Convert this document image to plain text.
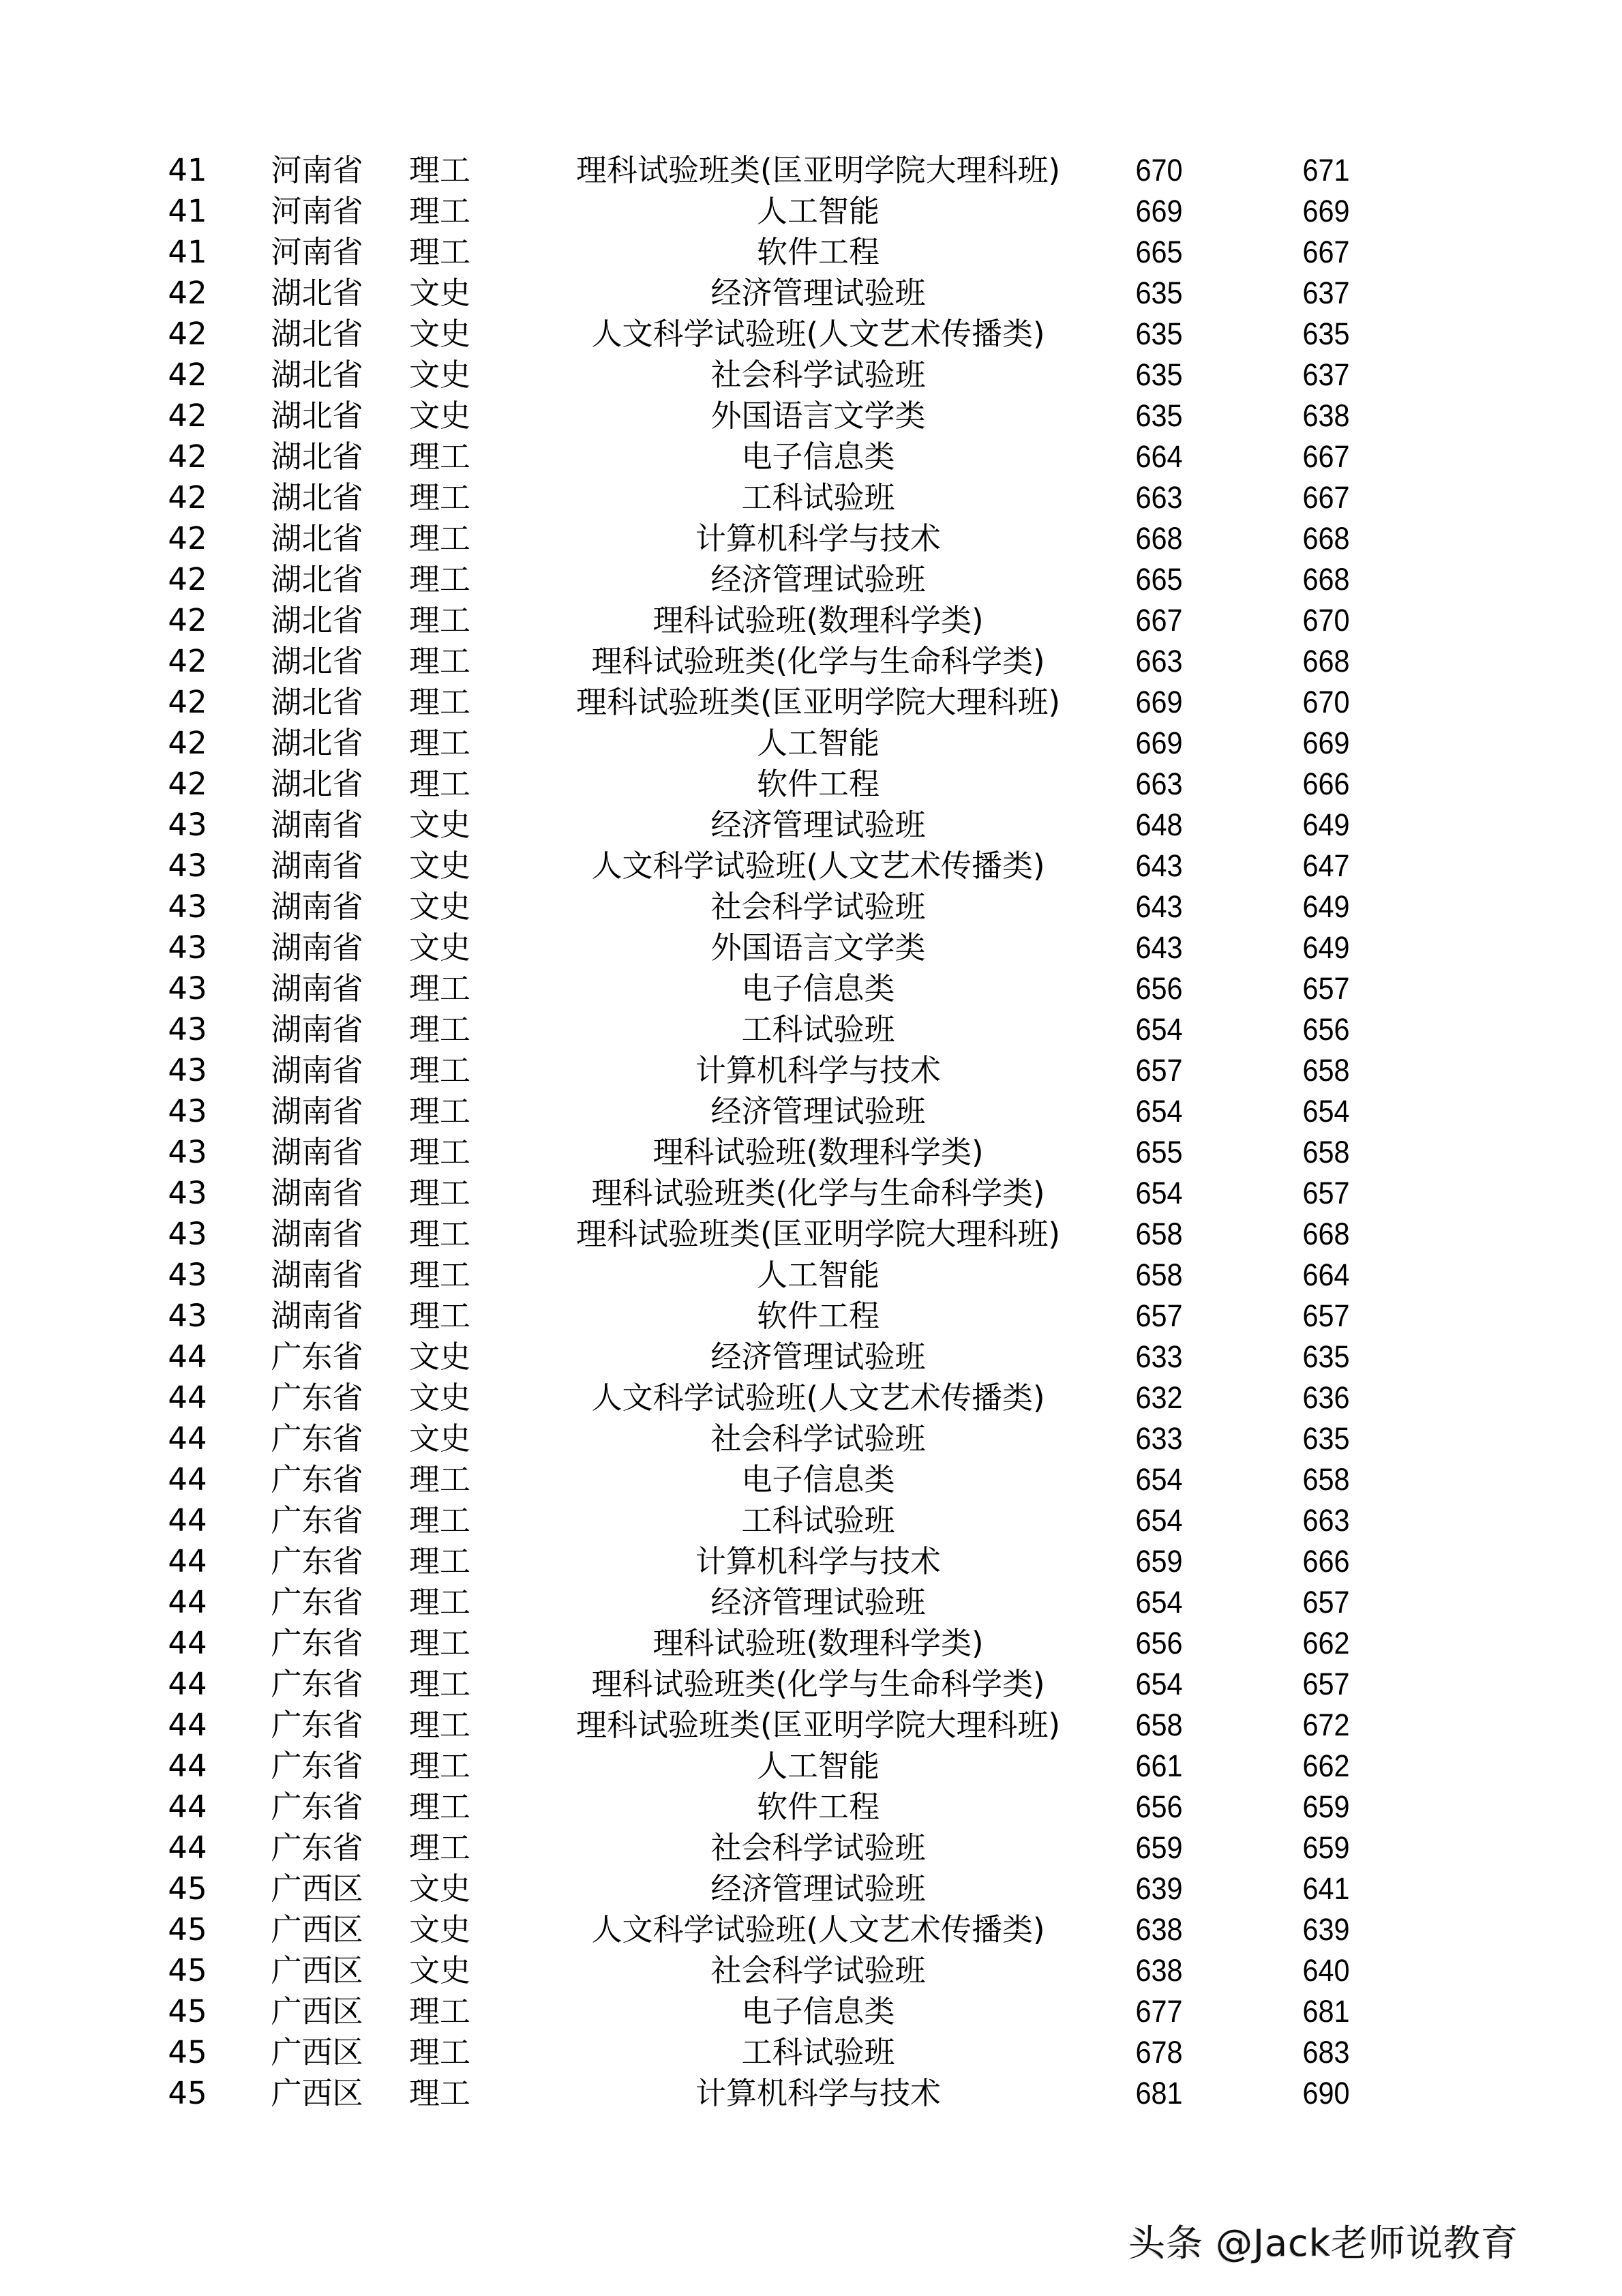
41	河南省 理工	理科试验班类(匡亚明学院大理科班)	670	671
41	河南省 理工	人工智能	669	669
41	河南省 理工	软件工程	665	667
42	湖北省 文史	经济管理试验班	635	637
42	湖北省 文史	人文科学试验班(人文艺术传播类)	635	635
42	湖北省 文史	社会科学试验班	635	637
42	湖北省 文史	外国语言文学类	635	638
42	湖北省 理工	电子信息类	664	667
42	湖北省 理工	工科试验班	663	667
42	湖北省 理工	计算机科学与技术	668	668
42	湖北省 理工	经济管理试验班	665	668
42	湖北省 理工	理科试验班(数理科学类)	667	670
42	湖北省 理工	理科试验班类(化学与生命科学类)	663	668
42	湖北省 理工	理科试验班类(匡亚明学院大理科班)	669	670
42	湖北省 理工	人工智能	669	669
42	湖北省 理工	软件工程	663	666
43	湖南省 文史	经济管理试验班	648	649
43	湖南省 文史	人文科学试验班(人文艺术传播类)	643	647
43	湖南省 文史	社会科学试验班	643	649
43	湖南省 文史	外国语言文学类	643	649
43	湖南省 理工	电子信息类	656	657
43	湖南省 理工	工科试验班	654	656
43	湖南省 理工	计算机科学与技术	657	658
43	湖南省 理工	经济管理试验班	654	654
43	湖南省 理工	理科试验班(数理科学类)	655	658
43	湖南省 理工	理科试验班类(化学与生命科学类)	654	657
43	湖南省 理工	理科试验班类(匡亚明学院大理科班)	658	668
43	湖南省 理工	人工智能	658	664
43	湖南省 理工	软件工程	657	657
44	广东省 文史	经济管理试验班	633	635
44	广东省 文史	人文科学试验班(人文艺术传播类)	632	636
44	广东省 文史	社会科学试验班	633	635
44	广东省 理工	电子信息类	654	658
44	广东省 理工	工科试验班	654	663
44	广东省 理工	计算机科学与技术	659	666
44	广东省 理工	经济管理试验班	654	657
44	广东省 理工	理科试验班(数理科学类)	656	662
44	广东省 理工	理科试验班类(化学与生命科学类)	654	657
44	广东省 理工	理科试验班类(匡亚明学院大理科班)	658	672
44	广东省 理工	人工智能	661	662
44	广东省 理工	软件工程	656	659
44	广东省 理工	社会科学试验班	659	659
45	广西区 文史	经济管理试验班	639	641
45	广西区 文史	人文科学试验班(人文艺术传播类)	638	639
45	广西区 文史	社会科学试验班	638	640
45	广西区 理工	电子信息类	677	681
45	广西区 理工	工科试验班	678	683
45	广西区 理工	计算机科学与技术	681	690
头条 @Jack老师说教育
